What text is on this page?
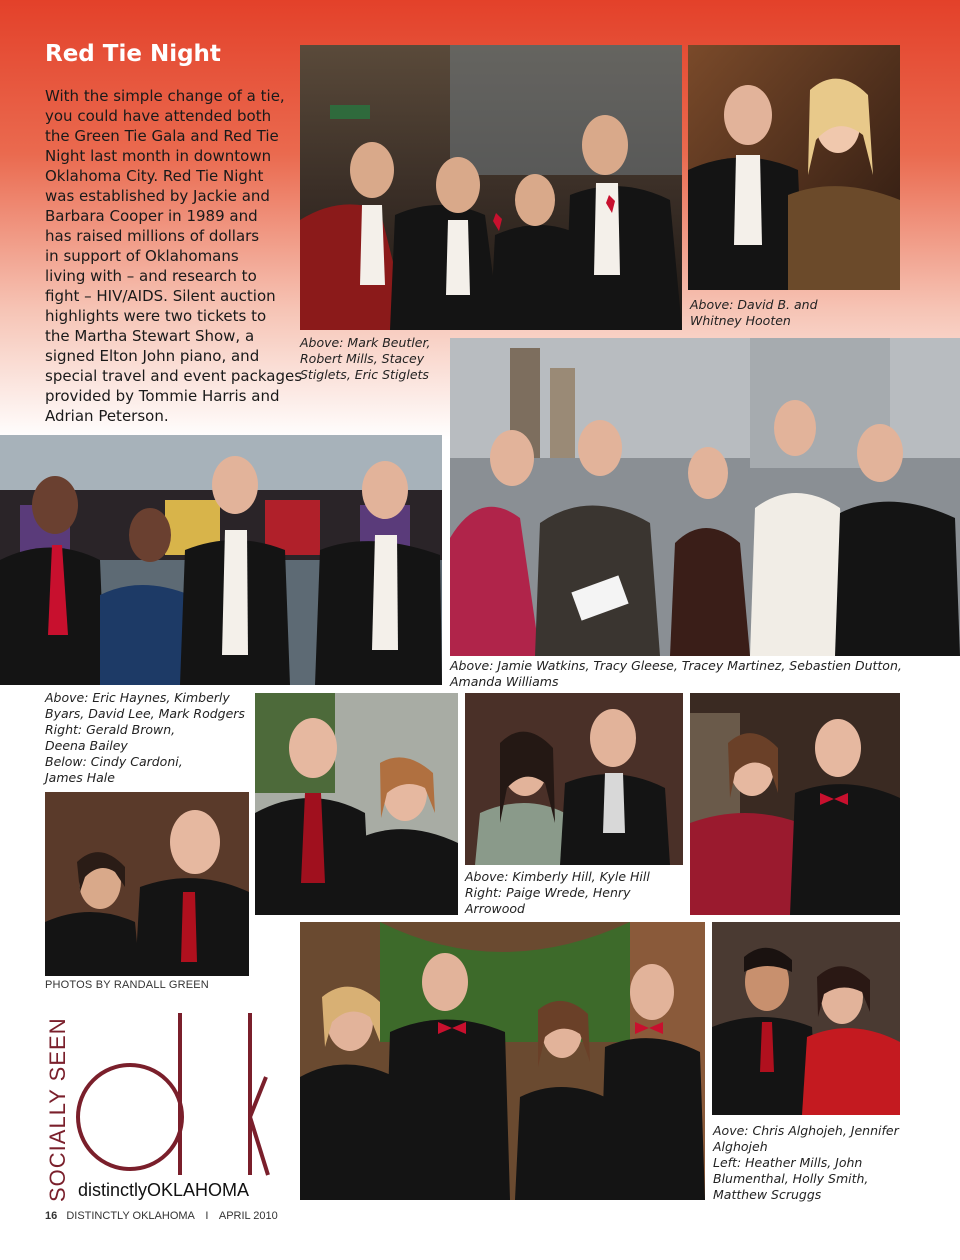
Red Tie Night
With the simple change of a tie,
you could have attended both
the Green Tie Gala and Red Tie
Night last month in downtown
Oklahoma City. Red Tie Night
was established by Jackie and
Barbara Cooper in 1989 and
has raised millions of dollars
in support of Oklahomans
living with – and research to
fight – HIV/AIDS. Silent auction
highlights were two tickets to
the Martha Stewart Show, a
signed Elton John piano, and
special travel and event packages
provided by Tommie Harris and
Adrian Peterson.
Above: Mark Beutler,
Robert Mills, Stacey
Stiglets, Eric Stiglets
Above: David B. and
Whitney Hooten
Above: Jamie Watkins, Tracy Gleese, Tracey Martinez, Sebastien Dutton,
Amanda Williams
Above: Eric Haynes, Kimberly
Byars, David Lee, Mark Rodgers
Right: Gerald Brown,
Deena Bailey
Below: Cindy Cardoni,
James Hale
Above: Kimberly Hill, Kyle Hill
Right: Paige Wrede, Henry
Arrowood
Aove: Chris Alghojeh, Jennifer
Alghojeh
Left: Heather Mills, John
Blumenthal, Holly Smith,
Matthew Scruggs
PHOTOS BY RANDALL GREEN
SOCIALLY SEEN distinctlyOKLAHOMA
16 DISTINCTLY OKLAHOMA I APRIL 2010
